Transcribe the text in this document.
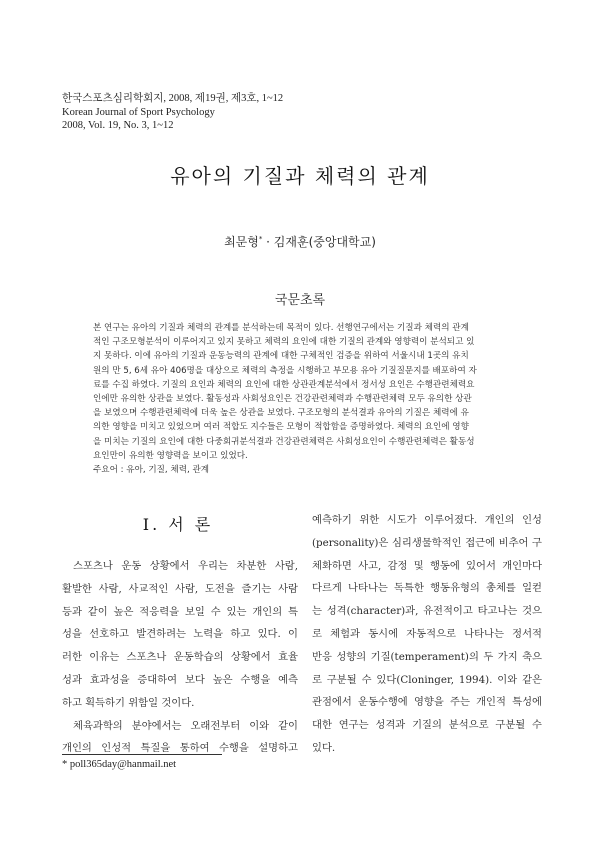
한국스포츠심리학회지, 2008, 제19권, 제3호, 1~12
Korean Journal of Sport Psychology
2008, Vol. 19, No. 3, 1~12
유아의 기질과 체력의 관계
최문형* · 김재훈(중앙대학교)
국문초록
본 연구는 유아의 기질과 체력의 관계를 분석하는데 목적이 있다. 선행연구에서는 기질과 체력의 관계
적인 구조모형분석이 이루어지고 있지 못하고 체력의 요인에 대한 기질의 관계와 영향력이 분석되고 있
지 못하다. 이에 유아의 기질과 운동능력의 관계에 대한 구체적인 검증을 위하여 서울시내 1곳의 유치
원의 만 5, 6세 유아 406명을 대상으로 체력의 측정을 시행하고 부모용 유아 기질질문지를 배포하여 자
료를 수집 하였다. 기질의 요인과 체력의 요인에 대한 상관관계분석에서 정서성 요인은 수행관련체력요
인에만 유의한 상관을 보였다. 활동성과 사회성요인은 건강관련체력과 수행관련체력 모두 유의한 상관
을 보였으며 수행관련체력에 더욱 높은 상관을 보였다. 구조모형의 분석결과 유아의 기질은 체력에 유
의한 영향을 미치고 있었으며 여러 적합도 지수들은 모형이 적합함을 증명하였다. 체력의 요인에 영향
을 미치는 기질의 요인에 대한 다중회귀분석결과 건강관련체력은 사회성요인이 수행관련체력은 활동성
요인만이 유의한 영향력을 보이고 있었다.
주요어 : 유아, 기질, 체력, 관계
I. 서 론
스포츠나 운동 상황에서 우리는 차분한 사람,
활발한 사람, 사교적인 사람, 도전을 즐기는 사람
등과 같이 높은 적응력을 보일 수 있는 개인의 특
성을 선호하고 발견하려는 노력을 하고 있다. 이
러한 이유는 스포츠나 운동학습의 상황에서 효율
성과 효과성을 증대하여 보다 높은 수행을 예측
하고 획득하기 위함일 것이다.
체육과학의 분야에서는 오래전부터 이와 같이
개인의 인성적 특질을 통하여 수행을 설명하고
예측하기 위한 시도가 이루어졌다. 개인의 인성
(personality)은 심리생물학적인 접근에 비추어 구
체화하면 사고, 감정 및 행동에 있어서 개인마다
다르게 나타나는 독특한 행동유형의 총체를 일컫
는 성격(character)과, 유전적이고 타고나는 것으
로 체험과 동시에 자동적으로 나타나는 정서적
반응 성향의 기질(temperament)의 두 가지 축으
로 구분될 수 있다(Cloninger, 1994). 이와 같은
관점에서 운동수행에 영향을 주는 개인적 특성에
대한 연구는 성격과 기질의 분석으로 구분될 수
있다.
* poll365day@hanmail.net
